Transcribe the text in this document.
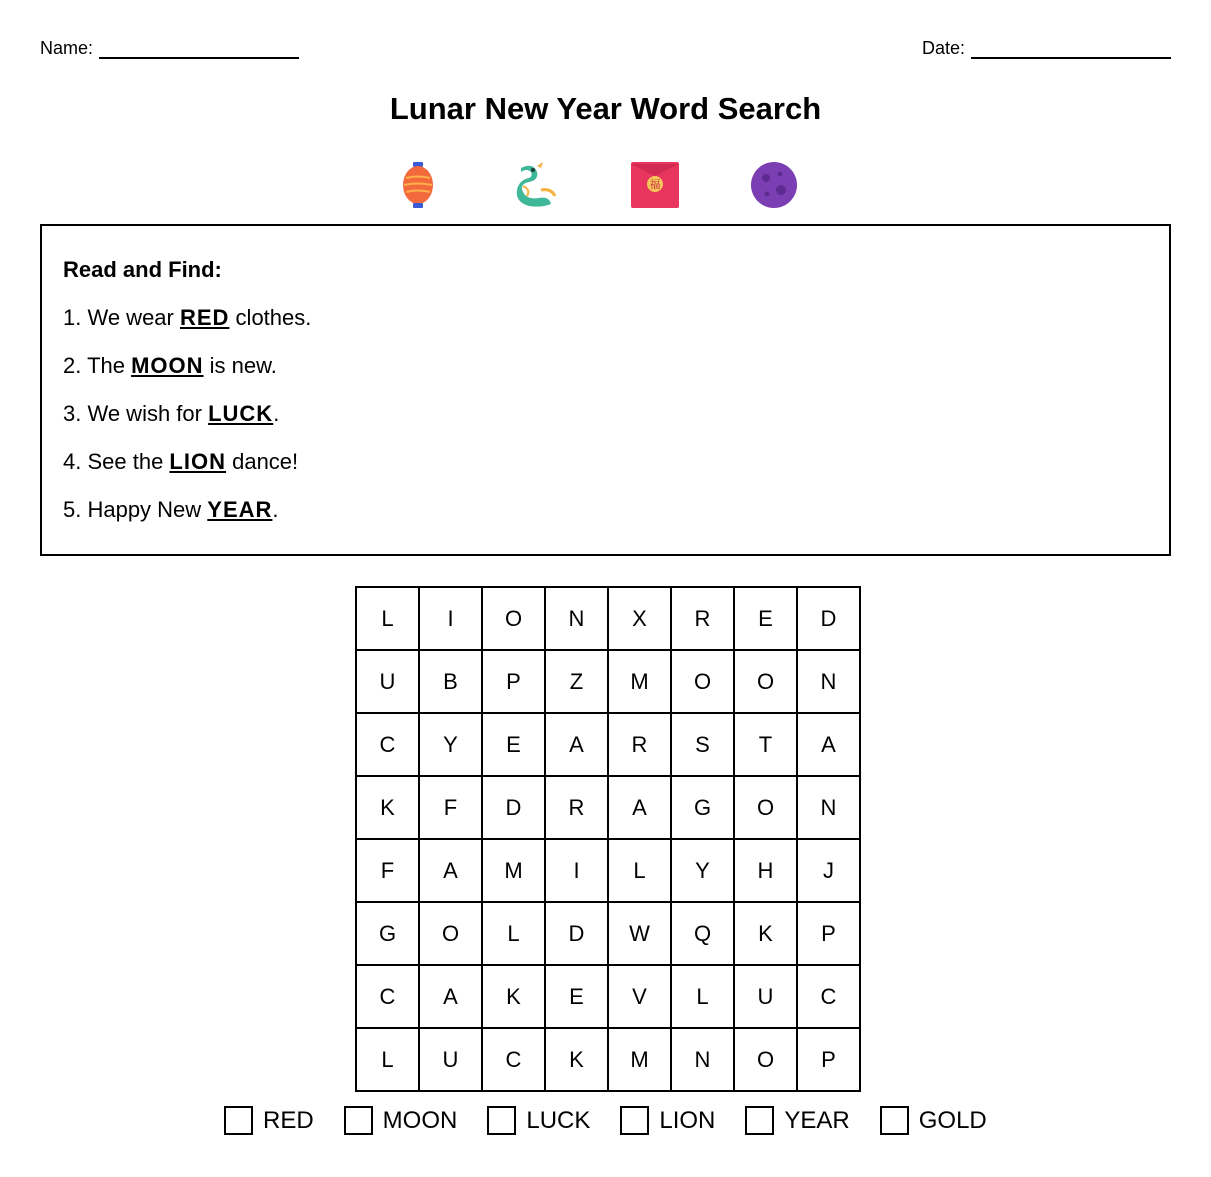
Name:	Date:
Lunar New Year Word Search
福
Read and Find:
1. We wear RED clothes.
2. The MOON is new.
3. We wish for LUCK.
4. See the LION dance!
5. Happy New YEAR.
L	I	O	N	X	R	E	D
U	B	P	Z	M	O	O	N
C	Y	E	A	R	S	T	A
K	F	D	R	A	G	O	N
F	A	M	I	L	Y	H	J
G	O	L	D	W	Q	K	P
C	A	K	E	V	L	U	C
L	U	C	K	M	N	O	P
RED	MOON	LUCK	LION	YEAR	GOLD
